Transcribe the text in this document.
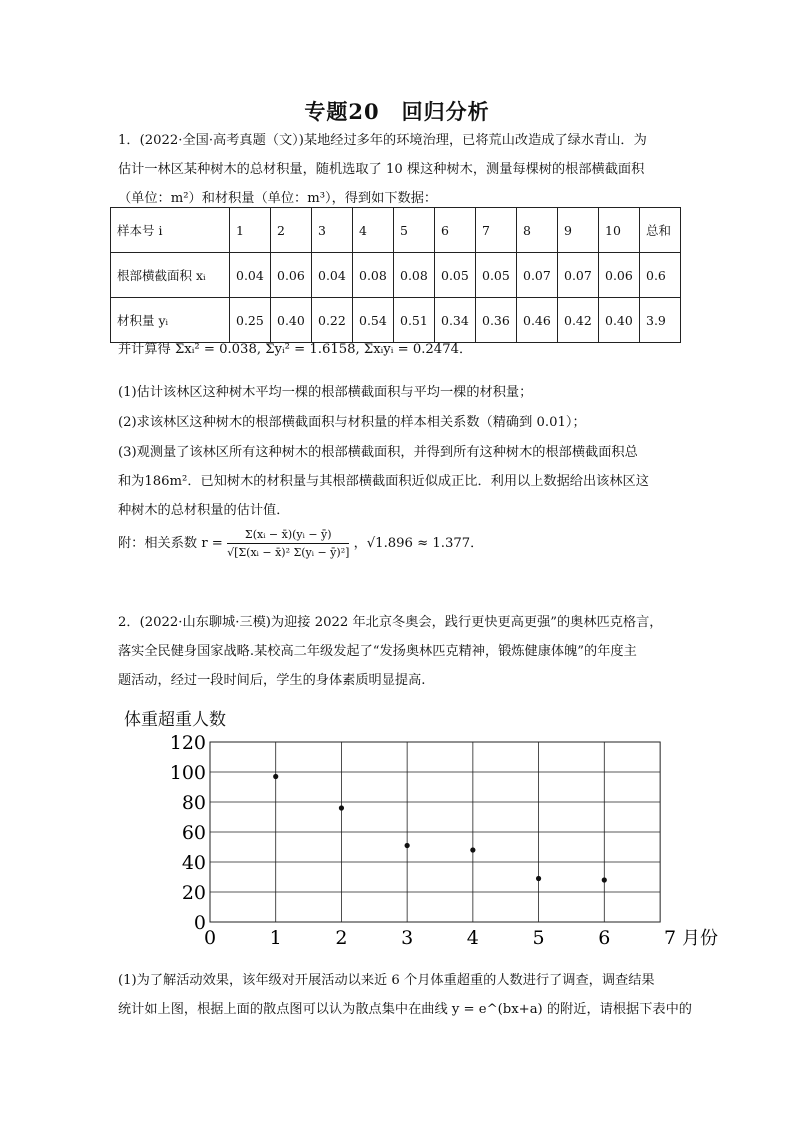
专题20　回归分析
1．(2022·全国·高考真题（文）)某地经过多年的环境治理，已将荒山改造成了绿水青山．为
估计一林区某种树木的总材积量，随机选取了 10 棵这种树木，测量每棵树的根部横截面积
（单位：m²）和材积量（单位：m³），得到如下数据：
样本号 i	1	2	3	4	5	6	7	8	9	10	总和
根部横截面积 xᵢ	0.04	0.06	0.04	0.08	0.08	0.05	0.05	0.07	0.07	0.06	0.6
材积量 yᵢ	0.25	0.40	0.22	0.54	0.51	0.34	0.36	0.46	0.42	0.40	3.9
并计算得 Σxᵢ² = 0.038, Σyᵢ² = 1.6158, Σxᵢyᵢ = 0.2474．
(1)估计该林区这种树木平均一棵的根部横截面积与平均一棵的材积量；
(2)求该林区这种树木的根部横截面积与材积量的样本相关系数（精确到 0.01）；
(3)观测量了该林区所有这种树木的根部横截面积，并得到所有这种树木的根部横截面积总
和为186m²．已知树木的材积量与其根部横截面积近似成正比．利用以上数据给出该林区这
种树木的总材积量的估计值．
附：相关系数 $r = \frac{\text{Σ(xᵢ − x̄)(yᵢ − ȳ)}}{\text{√[Σ(xᵢ − x̄)² Σ(yᵢ − ȳ)²]}}$ ，√1.896 ≈ 1.377．
2．(2022·山东聊城·三模)为迎接 2022 年北京冬奥会，践行更快更高更强”的奥林匹克格言，
落实全民健身国家战略.某校高二年级发起了“发扬奥林匹克精神，锻炼健康体魄”的年度主
题活动，经过一段时间后，学生的身体素质明显提高.
体重超重人数
0
20
40
60
80
100
120
0	1	2	3	4	5	6	7 月份
(1)为了解活动效果，该年级对开展活动以来近 6 个月体重超重的人数进行了调查，调查结果
统计如上图，根据上面的散点图可以认为散点集中在曲线 y = e^(bx+a) 的附近，请根据下表中的
